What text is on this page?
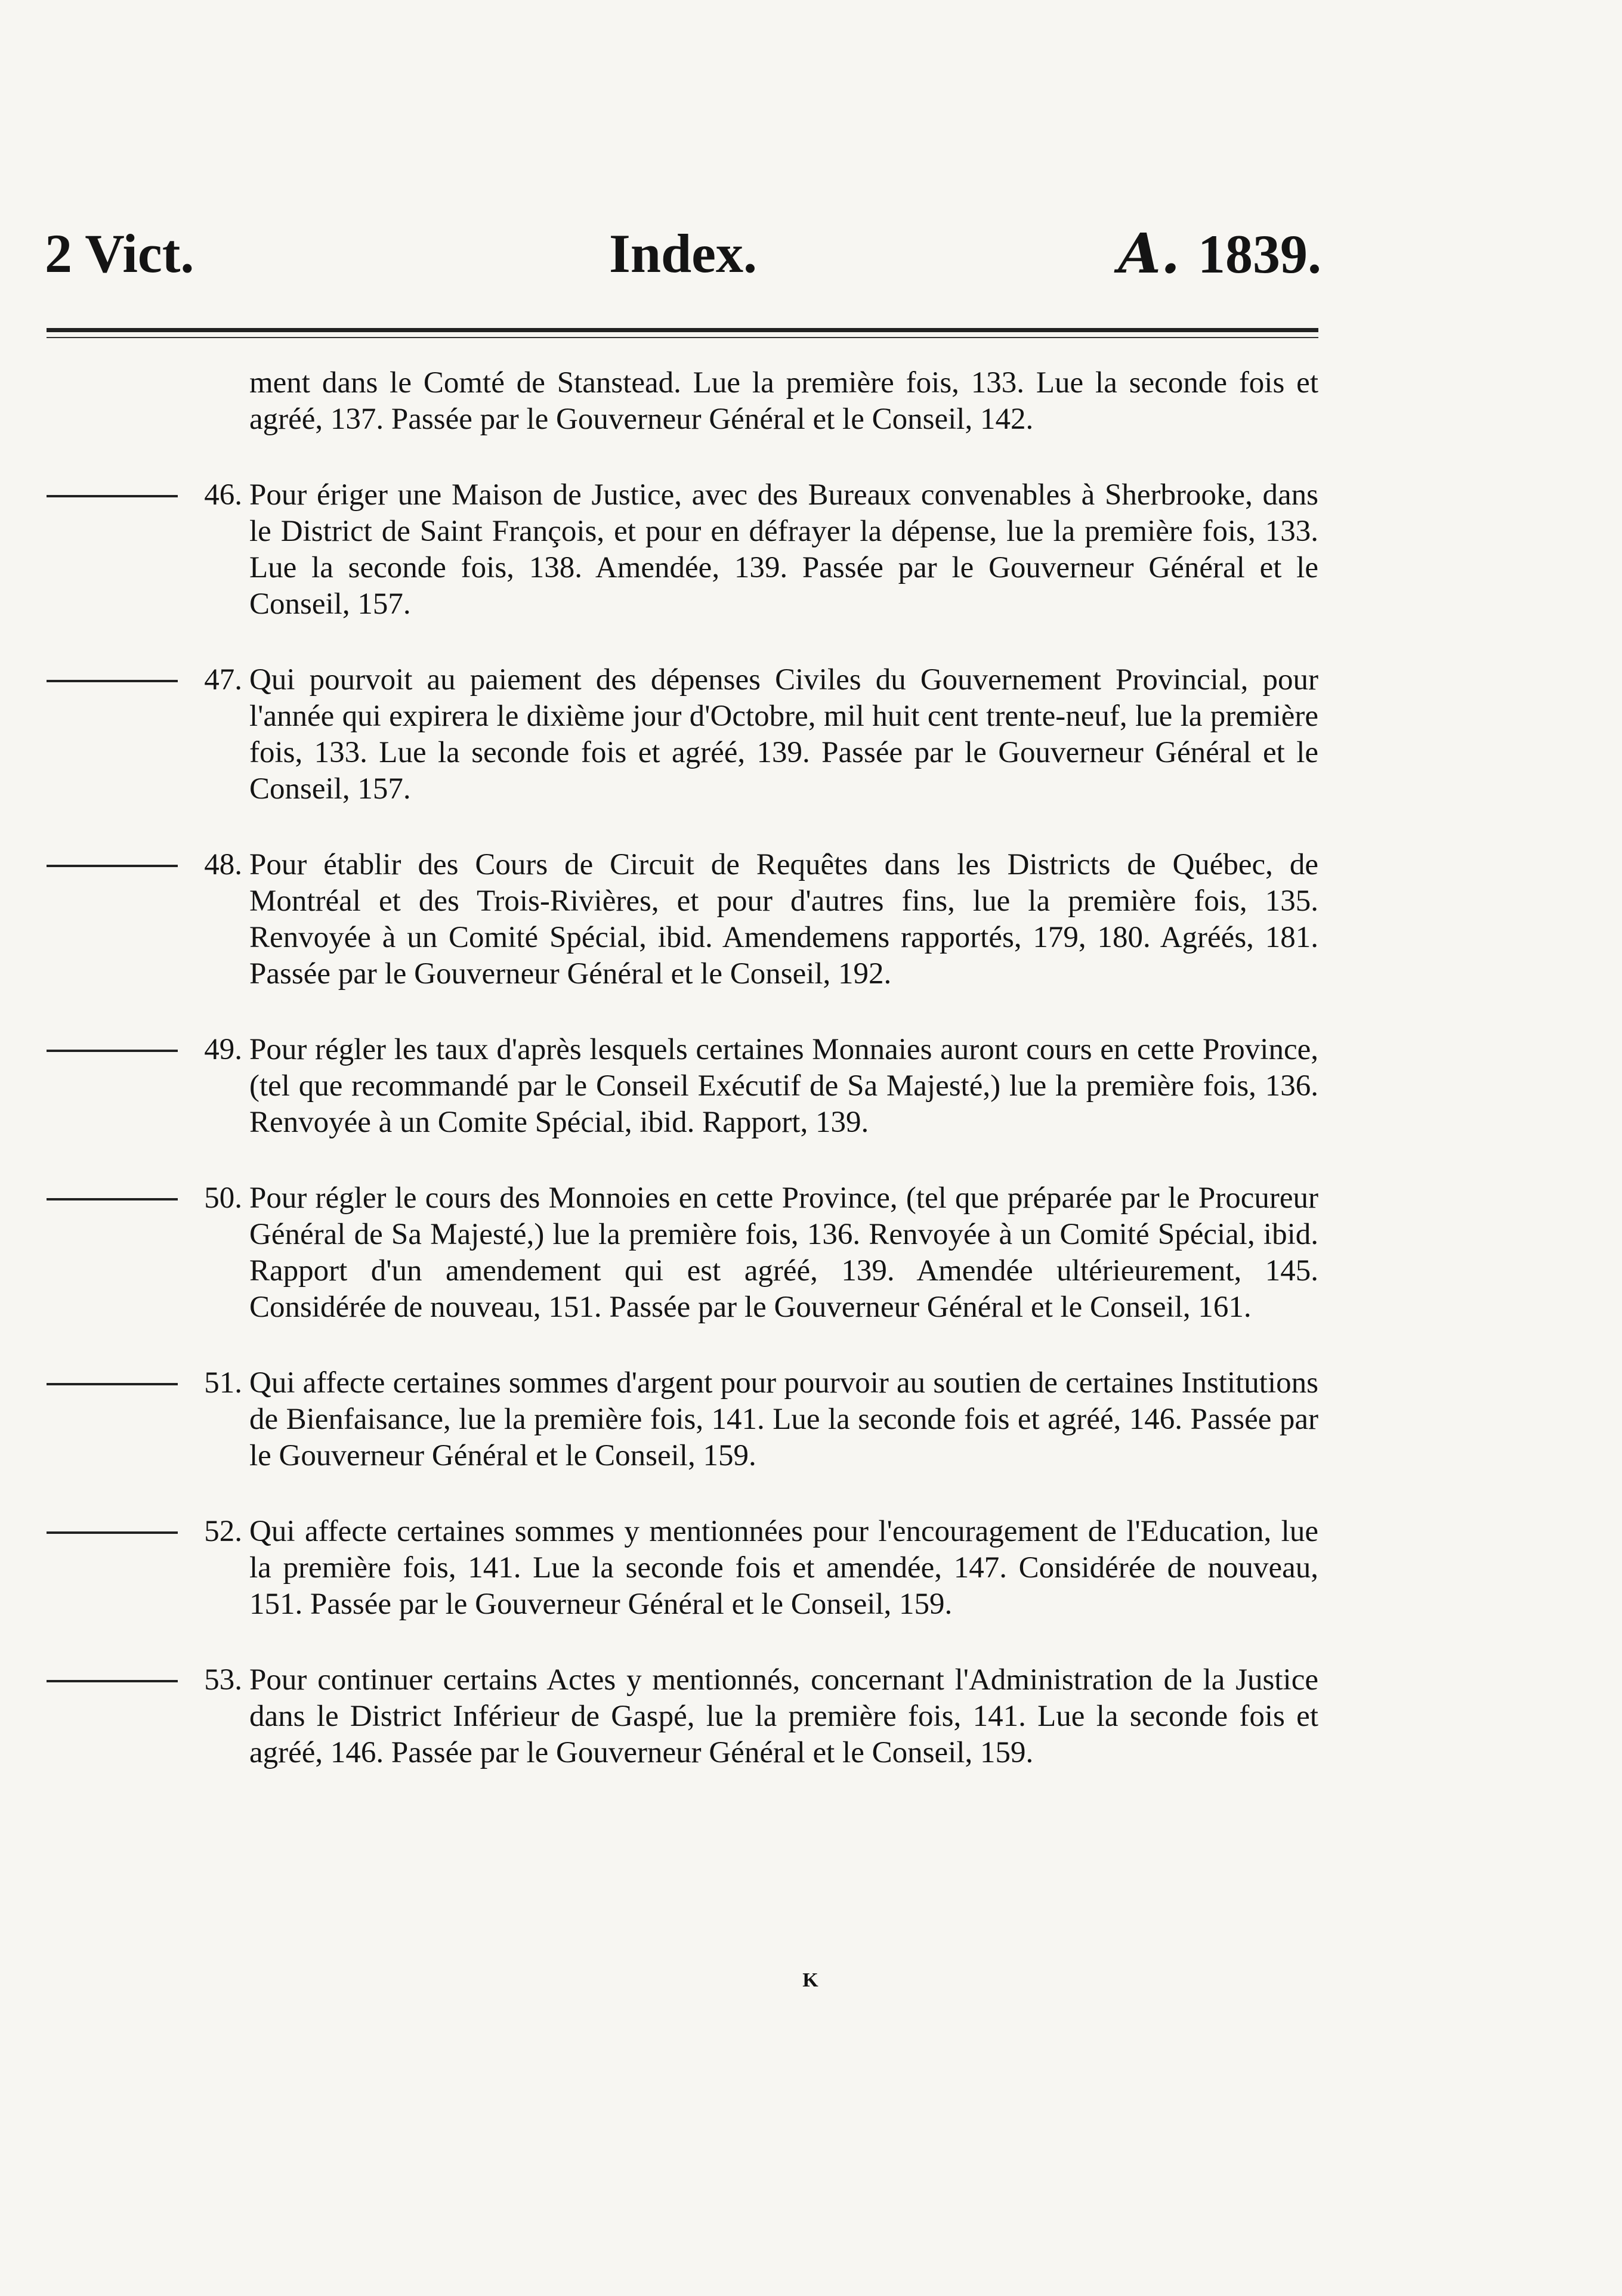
2 Vict.	Index.	A. 1839.
ment dans le Comté de Stanstead. Lue la première fois, 133. Lue la seconde fois et agréé, 137. Passée par le Gouverneur Général et le Conseil, 142.
46. Pour ériger une Maison de Justice, avec des Bureaux convenables à Sherbrooke, dans le District de Saint François, et pour en défrayer la dépense, lue la première fois, 133. Lue la seconde fois, 138. Amendée, 139. Passée par le Gouverneur Général et le Conseil, 157.
47. Qui pourvoit au paiement des dépenses Civiles du Gouvernement Provincial, pour l'année qui expirera le dixième jour d'Octobre, mil huit cent trente-neuf, lue la première fois, 133. Lue la seconde fois et agréé, 139. Passée par le Gouverneur Général et le Conseil, 157.
48. Pour établir des Cours de Circuit de Requêtes dans les Districts de Québec, de Montréal et des Trois-Rivières, et pour d'autres fins, lue la première fois, 135. Renvoyée à un Comité Spécial, ibid. Amendemens rapportés, 179, 180. Agréés, 181. Passée par le Gouverneur Général et le Conseil, 192.
49. Pour régler les taux d'après lesquels certaines Monnaies auront cours en cette Province, (tel que recommandé par le Conseil Exécutif de Sa Majesté,) lue la première fois, 136. Renvoyée à un Comite Spécial, ibid. Rapport, 139.
50. Pour régler le cours des Monnoies en cette Province, (tel que préparée par le Procureur Général de Sa Majesté,) lue la première fois, 136. Renvoyée à un Comité Spécial, ibid. Rapport d'un amendement qui est agréé, 139. Amendée ultérieurement, 145. Considérée de nouveau, 151. Passée par le Gouverneur Général et le Conseil, 161.
51. Qui affecte certaines sommes d'argent pour pourvoir au soutien de certaines Institutions de Bienfaisance, lue la première fois, 141. Lue la seconde fois et agréé, 146. Passée par le Gouverneur Général et le Conseil, 159.
52. Qui affecte certaines sommes y mentionnées pour l'encouragement de l'Education, lue la première fois, 141. Lue la seconde fois et amendée, 147. Considérée de nouveau, 151. Passée par le Gouverneur Général et le Conseil, 159.
53. Pour continuer certains Actes y mentionnés, concernant l'Administration de la Justice dans le District Inférieur de Gaspé, lue la première fois, 141. Lue la seconde fois et agréé, 146. Passée par le Gouverneur Général et le Conseil, 159.
K
